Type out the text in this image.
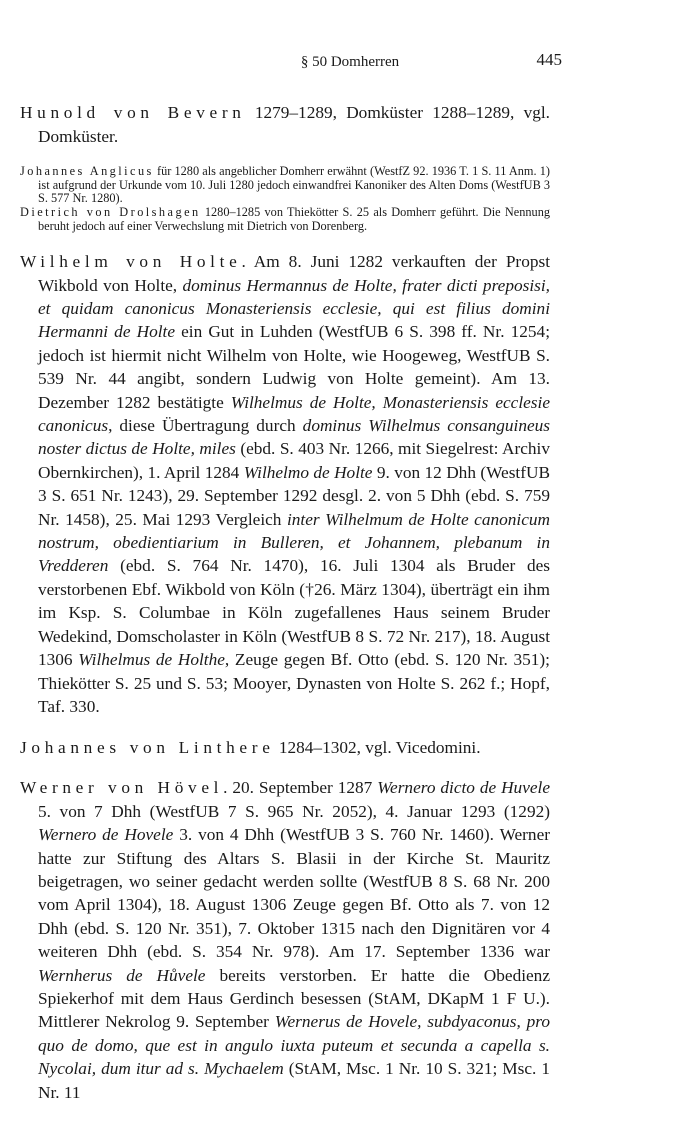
§ 50 Domherren	445

Hunold von Bevern 1279–1289, Domküster 1288–1289, vgl. Domküster.

Johannes Anglicus für 1280 als angeblicher Domherr erwähnt (WestfZ 92. 1936 T. 1 S. 11 Anm. 1) ist aufgrund der Urkunde vom 10. Juli 1280 jedoch einwandfrei Kanoniker des Alten Doms (WestfUB 3 S. 577 Nr. 1280).

Dietrich von Drolshagen 1280–1285 von Thiekötter S. 25 als Domherr geführt. Die Nennung beruht jedoch auf einer Verwechslung mit Dietrich von Dorenberg.

Wilhelm von Holte. Am 8. Juni 1282 verkauften der Propst Wikbold von Holte, dominus Hermannus de Holte, frater dicti preposisi, et quidam canonicus Monasteriensis ecclesie, qui est filius domini Hermanni de Holte ein Gut in Luhden (WestfUB 6 S. 398 ff. Nr. 1254; jedoch ist hiermit nicht Wilhelm von Holte, wie Hoogeweg, WestfUB S. 539 Nr. 44 angibt, sondern Ludwig von Holte gemeint). Am 13. Dezember 1282 bestätigte Wilhelmus de Holte, Monasteriensis ecclesie canonicus, diese Übertragung durch dominus Wilhelmus consanguineus noster dictus de Holte, miles (ebd. S. 403 Nr. 1266, mit Siegelrest: Archiv Obernkirchen), 1. April 1284 Wilhelmo de Holte 9. von 12 Dhh (WestfUB 3 S. 651 Nr. 1243), 29. September 1292 desgl. 2. von 5 Dhh (ebd. S. 759 Nr. 1458), 25. Mai 1293 Vergleich inter Wilhelmum de Holte canonicum nostrum, obedientiarium in Bulleren, et Johannem, plebanum in Vredderen (ebd. S. 764 Nr. 1470), 16. Juli 1304 als Bruder des verstorbenen Ebf. Wikbold von Köln (†26. März 1304), überträgt ein ihm im Ksp. S. Columbae in Köln zugefallenes Haus seinem Bruder Wedekind, Domscholaster in Köln (WestfUB 8 S. 72 Nr. 217), 18. August 1306 Wilhelmus de Holthe, Zeuge gegen Bf. Otto (ebd. S. 120 Nr. 351); Thiekötter S. 25 und S. 53; Mooyer, Dynasten von Holte S. 262 f.; Hopf, Taf. 330.

Johannes von Linthere 1284–1302, vgl. Vicedomini.

Werner von Hövel. 20. September 1287 Wernero dicto de Huvele 5. von 7 Dhh (WestfUB 7 S. 965 Nr. 2052), 4. Januar 1293 (1292) Wernero de Hovele 3. von 4 Dhh (WestfUB 3 S. 760 Nr. 1460). Werner hatte zur Stiftung des Altars S. Blasii in der Kirche St. Mauritz beigetragen, wo seiner gedacht werden sollte (WestfUB 8 S. 68 Nr. 200 vom April 1304), 18. August 1306 Zeuge gegen Bf. Otto als 7. von 12 Dhh (ebd. S. 120 Nr. 351), 7. Oktober 1315 nach den Dignitären vor 4 weiteren Dhh (ebd. S. 354 Nr. 978). Am 17. September 1336 war Wernherus de Hůvele bereits verstorben. Er hatte die Obedienz Spiekerhof mit dem Haus Gerdinch besessen (StAM, DKapM 1 F U.). Mittlerer Nekrolog 9. September Wernerus de Hovele, subdyaconus, pro quo de domo, que est in angulo iuxta puteum et secunda a capella s. Nycolai, dum itur ad s. Mychaelem (StAM, Msc. 1 Nr. 10 S. 321; Msc. 1 Nr. 11
